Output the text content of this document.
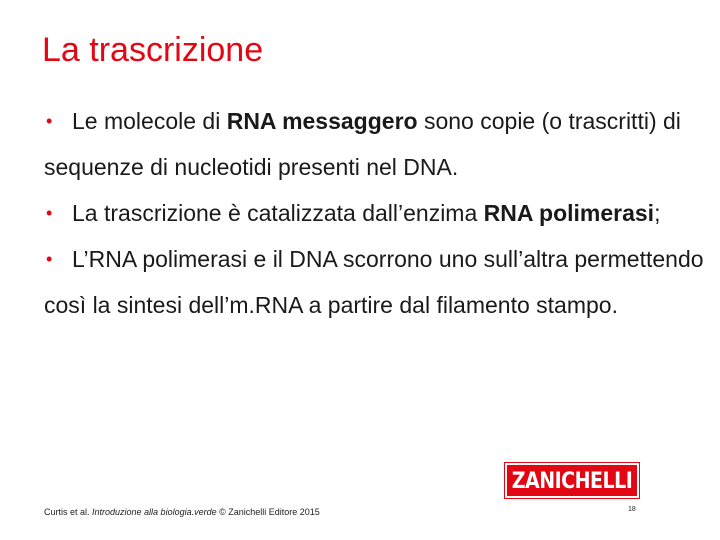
La trascrizione

• Le molecole di RNA messaggero sono copie (o trascritti) di sequenze di nucleotidi presenti nel DNA.

• La trascrizione è catalizzata dall’enzima RNA polimerasi;

• L’RNA polimerasi e il DNA scorrono uno sull’altra permettendo così la sintesi dell’m.RNA a partire dal filamento stampo.

ZANICHELLI
Curtis et al. Introduzione alla biologia.verde © Zanichelli Editore 2015	18
